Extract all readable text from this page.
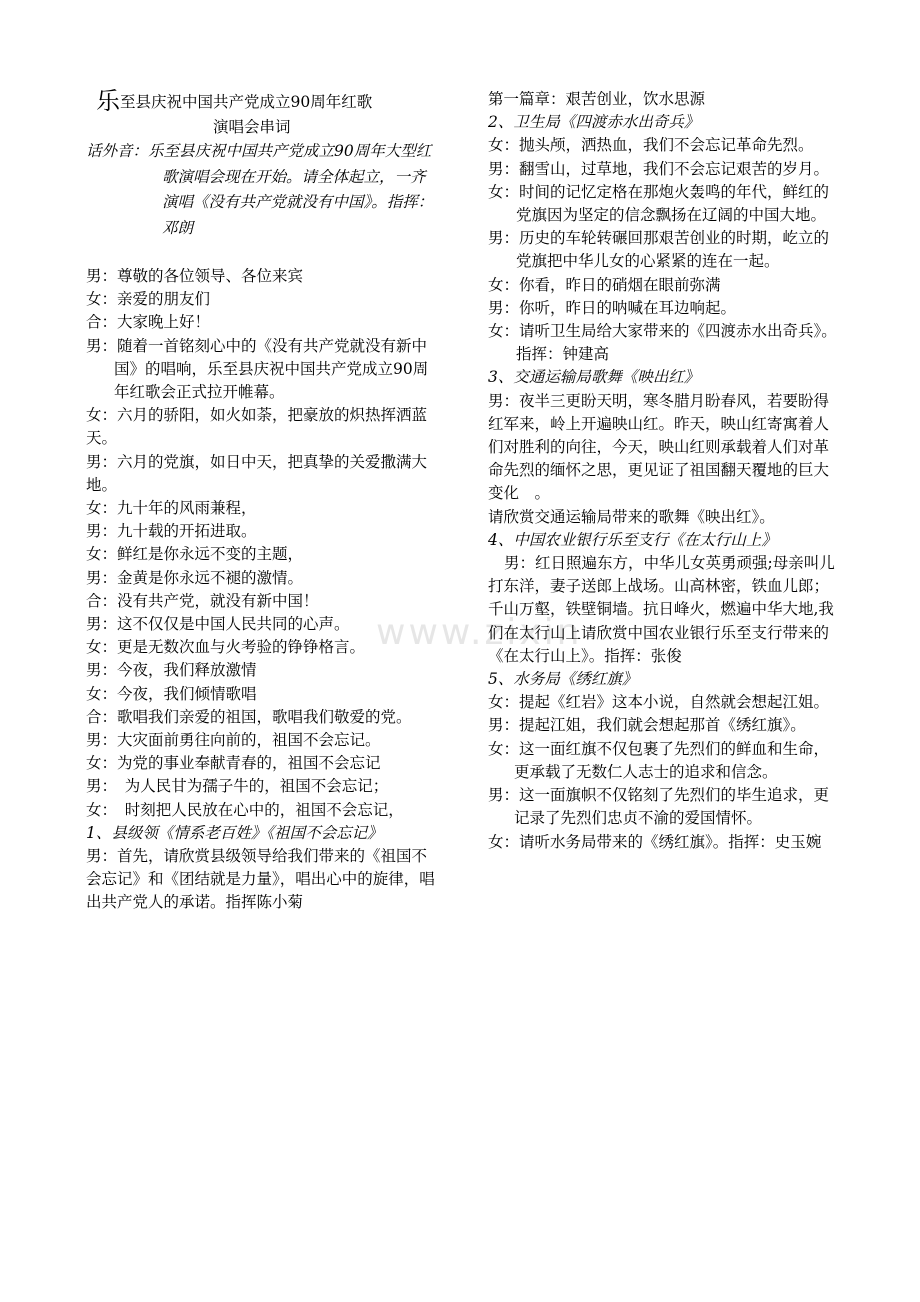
www.zixin

乐至县庆祝中国共产党成立90周年红歌

演唱会串词

话外音：乐至县庆祝中国共产党成立90周年大型红歌演唱会现在开始。请全体起立，一齐演唱《没有共产党就没有中国》。指挥：邓朗

男：尊敬的各位领导、各位来宾

女：亲爱的朋友们

合：大家晚上好！

男：随着一首铭刻心中的《没有共产党就没有新中国》的唱响，乐至县庆祝中国共产党成立90周年红歌会正式拉开帷幕。

女：六月的骄阳，如火如荼，把豪放的炽热挥洒蓝天。

男：六月的党旗，如日中天，把真挚的关爱撒满大地。

女：九十年的风雨兼程，

男：九十载的开拓进取。

女：鲜红是你永远不变的主题，

男：金黄是你永远不褪的激情。

合：没有共产党，就没有新中国！

男：这不仅仅是中国人民共同的心声。

女：更是无数次血与火考验的铮铮格言。

男：今夜，我们释放激情

女：今夜，我们倾情歌唱

合：歌唱我们亲爱的祖国，歌唱我们敬爱的党。

男：大灾面前勇往向前的，祖国不会忘记。

女：为党的事业奉献青春的，祖国不会忘记

男：　为人民甘为孺子牛的，祖国不会忘记；

女：　时刻把人民放在心中的，祖国不会忘记，

1、县级领《情系老百姓》《祖国不会忘记》

男：首先，请欣赏县级领导给我们带来的《祖国不会忘记》和《团结就是力量》，唱出心中的旋律，唱出共产党人的承诺。指挥陈小菊

第一篇章：艰苦创业，饮水思源

2、卫生局《四渡赤水出奇兵》

女：抛头颅，洒热血，我们不会忘记革命先烈。

男：翻雪山，过草地，我们不会忘记艰苦的岁月。

女：时间的记忆定格在那炮火轰鸣的年代，鲜红的党旗因为坚定的信念飘扬在辽阔的中国大地。

男：历史的车轮转碾回那艰苦创业的时期，屹立的党旗把中华儿女的心紧紧的连在一起。

女：你看，昨日的硝烟在眼前弥满

男：你听，昨日的呐喊在耳边响起。

女：请听卫生局给大家带来的《四渡赤水出奇兵》。指挥：钟建高

3、交通运输局歌舞《映出红》

男：夜半三更盼天明，寒冬腊月盼春风，若要盼得红军来，岭上开遍映山红。昨天，映山红寄寓着人们对胜利的向往，今天，映山红则承载着人们对革命先烈的缅怀之思，更见证了祖国翻天覆地的巨大变化　。

请欣赏交通运输局带来的歌舞《映出红》。

4、中国农业银行乐至支行《在太行山上》

男：红日照遍东方，中华儿女英勇顽强;母亲叫儿打东洋，妻子送郎上战场。山高林密，铁血儿郎；　千山万壑，铁壁铜墙。抗日峰火，燃遍中华大地,我们在太行山上请欣赏中国农业银行乐至支行带来的《在太行山上》。指挥：张俊

5、水务局《绣红旗》

女：提起《红岩》这本小说，自然就会想起江姐。

男：提起江姐，我们就会想起那首《绣红旗》。

女：这一面红旗不仅包裹了先烈们的鲜血和生命，更承载了无数仁人志士的追求和信念。

男：这一面旗帜不仅铭刻了先烈们的毕生追求，更记录了先烈们忠贞不渝的爱国情怀。

女：请听水务局带来的《绣红旗》。指挥：史玉婉
